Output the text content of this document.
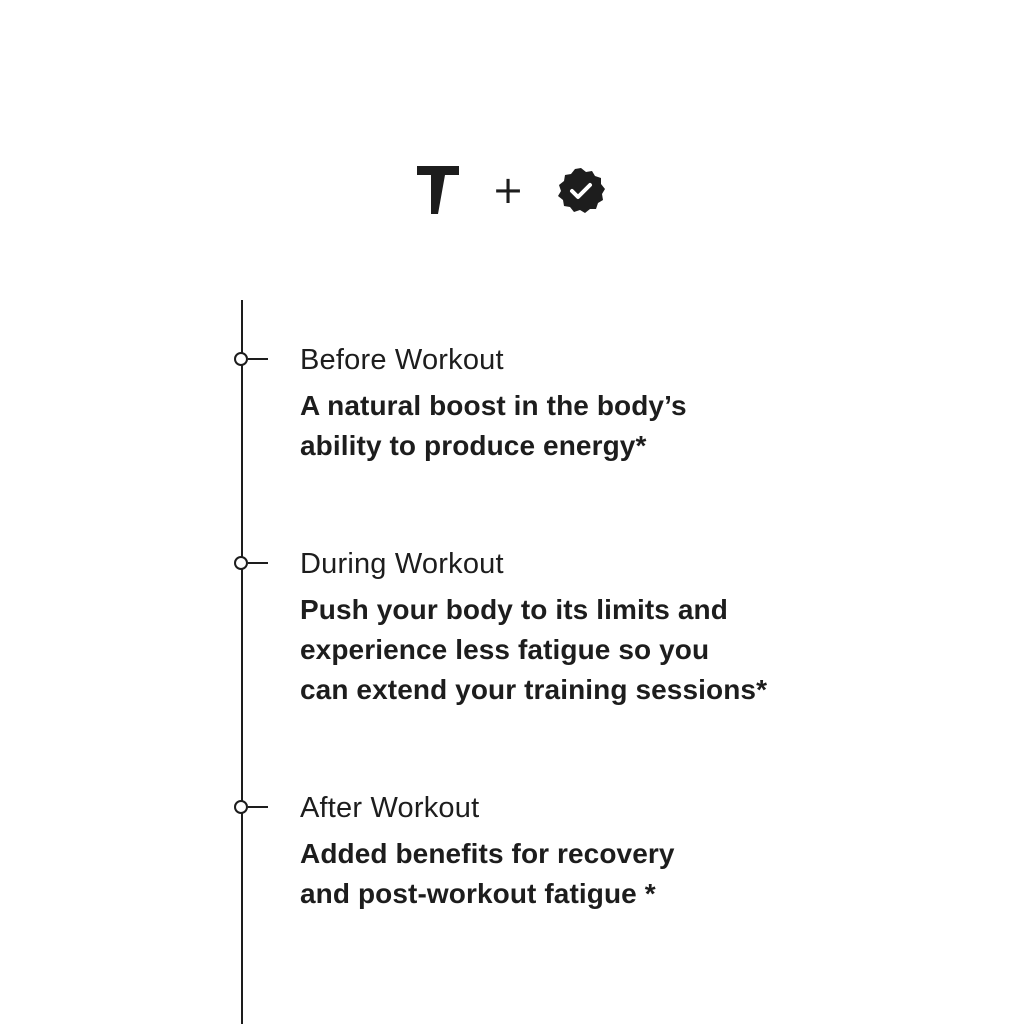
+
Before Workout
A natural boost in the body’s
ability to produce energy*
During Workout
Push your body to its limits and
experience less fatigue so you
can extend your training sessions*
After Workout
Added benefits for recovery
and post-workout fatigue *
